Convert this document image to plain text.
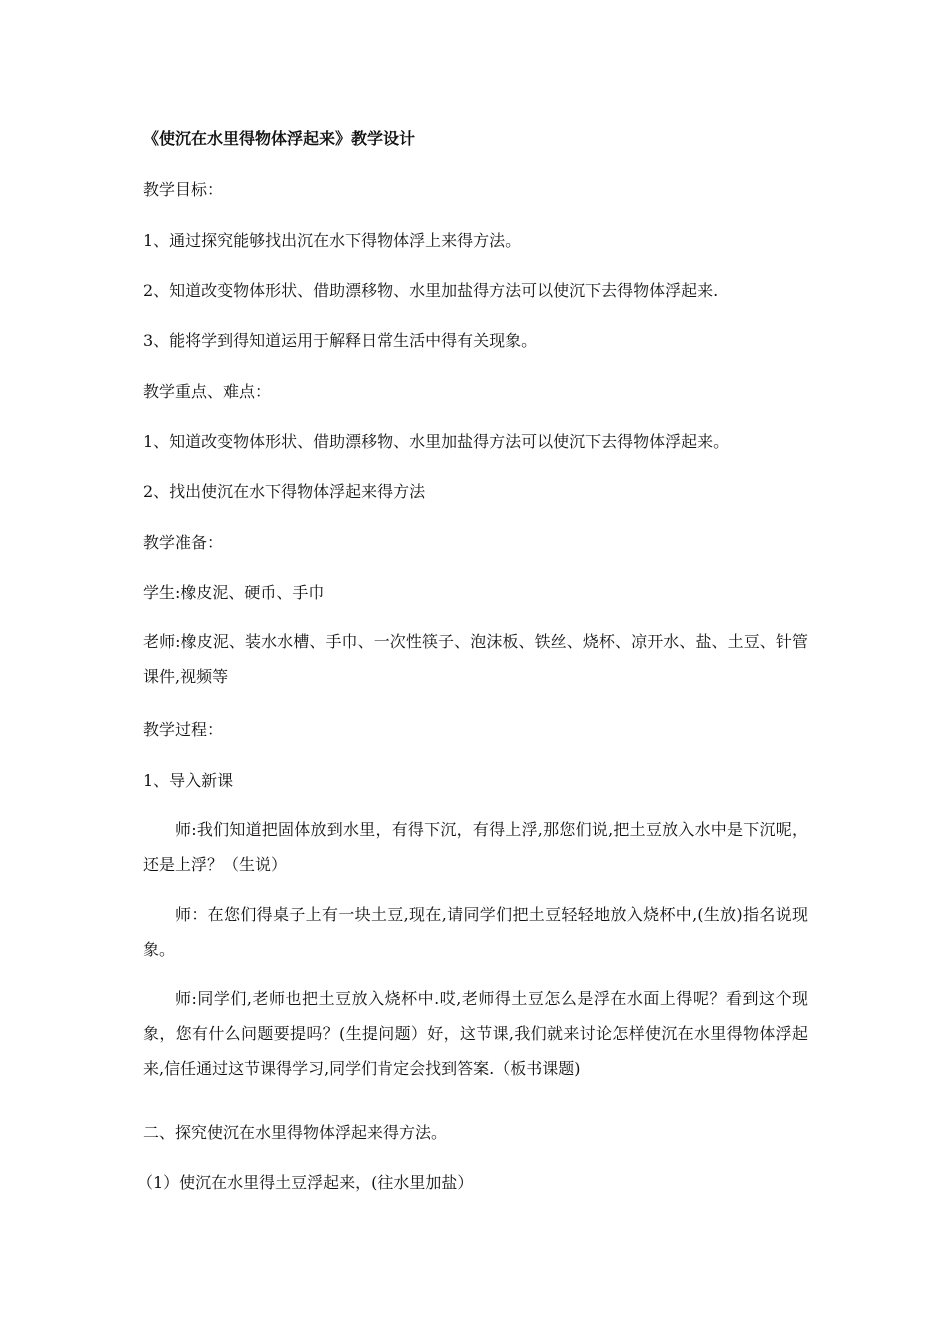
《使沉在水里得物体浮起来》教学设计
教学目标：
1、通过探究能够找出沉在水下得物体浮上来得方法。
2、知道改变物体形状、借助漂移物、水里加盐得方法可以使沉下去得物体浮起来.
3、能将学到得知道运用于解释日常生活中得有关现象。
教学重点、难点：
1、知道改变物体形状、借助漂移物、水里加盐得方法可以使沉下去得物体浮起来。
2、找出使沉在水下得物体浮起来得方法
教学准备：
学生:橡皮泥、硬币、手巾
老师:橡皮泥、装水水槽、手巾、一次性筷子、泡沫板、铁丝、烧杯、凉开水、盐、土豆、针管课件,视频等
教学过程：
1、导入新课
师:我们知道把固体放到水里，有得下沉，有得上浮,那您们说,把土豆放入水中是下沉呢，还是上浮？（生说）
师：在您们得桌子上有一块土豆,现在,请同学们把土豆轻轻地放入烧杯中,(生放)指名说现象。
师:同学们,老师也把土豆放入烧杯中.哎,老师得土豆怎么是浮在水面上得呢？看到这个现象，您有什么问题要提吗？(生提问题）好，这节课,我们就来讨论怎样使沉在水里得物体浮起来,信任通过这节课得学习,同学们肯定会找到答案.（板书课题)
二、探究使沉在水里得物体浮起来得方法。
（1）使沉在水里得土豆浮起来，(往水里加盐）
